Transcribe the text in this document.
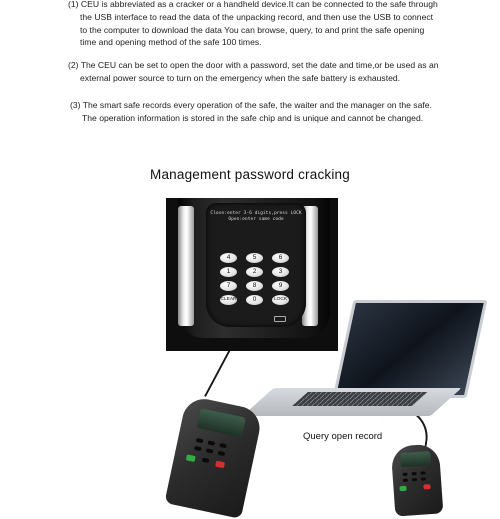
(1) CEU is abbreviated as a cracker or a handheld device.It can be connected to the safe through
the USB interface to read the data of the unpacking record, and then use the USB to connect
to the computer to download the data You can browse, query, to and print the safe opening
time and opening method of the safe 100 times.

(2) The CEU can be set to open the door with a password, set the date and time,or be used as an
external power source to turn on the emergency when the safe battery is exhausted.

(3) The smart safe records every operation of the safe, the waiter and the manager on the safe.
The operation information is stored in the safe chip and is unique and cannot be changed.

Management password cracking
Close:enter 3-6 digits,press LOCK
Open:enter same code
4	5	6
1	2	3
7	8	9
CLEAR	0	LOCK

Query open record
